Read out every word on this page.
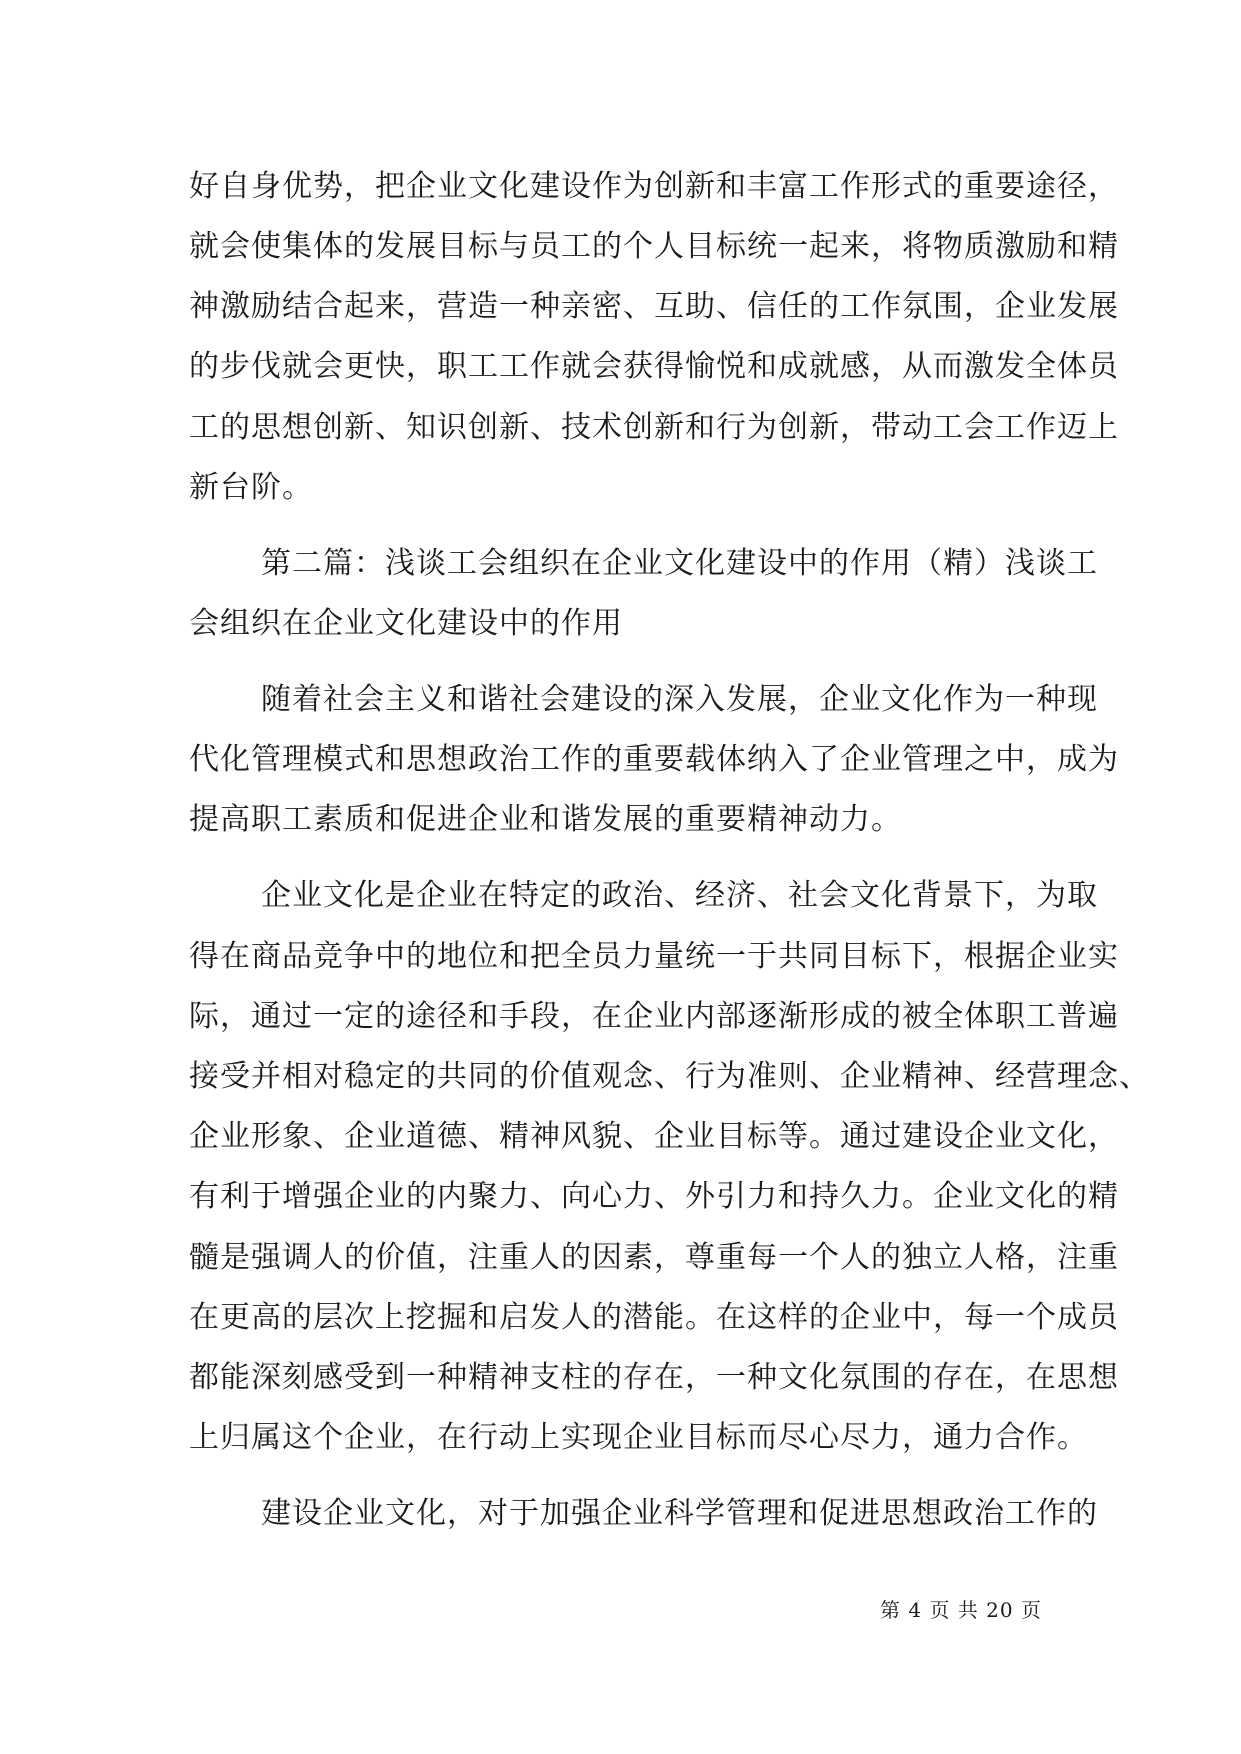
好自身优势，把企业文化建设作为创新和丰富工作形式的重要途径，
就会使集体的发展目标与员工的个人目标统一起来，将物质激励和精
神激励结合起来，营造一种亲密、互助、信任的工作氛围，企业发展
的步伐就会更快，职工工作就会获得愉悦和成就感，从而激发全体员
工的思想创新、知识创新、技术创新和行为创新，带动工会工作迈上
新台阶。
第二篇：浅谈工会组织在企业文化建设中的作用（精）浅谈工
会组织在企业文化建设中的作用
随着社会主义和谐社会建设的深入发展，企业文化作为一种现
代化管理模式和思想政治工作的重要载体纳入了企业管理之中，成为
提高职工素质和促进企业和谐发展的重要精神动力。
企业文化是企业在特定的政治、经济、社会文化背景下，为取
得在商品竞争中的地位和把全员力量统一于共同目标下，根据企业实
际，通过一定的途径和手段，在企业内部逐渐形成的被全体职工普遍
接受并相对稳定的共同的价值观念、行为准则、企业精神、经营理念、
企业形象、企业道德、精神风貌、企业目标等。通过建设企业文化，
有利于增强企业的内聚力、向心力、外引力和持久力。企业文化的精
髓是强调人的价值，注重人的因素，尊重每一个人的独立人格，注重
在更高的层次上挖掘和启发人的潜能。在这样的企业中，每一个成员
都能深刻感受到一种精神支柱的存在，一种文化氛围的存在，在思想
上归属这个企业，在行动上实现企业目标而尽心尽力，通力合作。
建设企业文化，对于加强企业科学管理和促进思想政治工作的
第 4 页 共 20 页
